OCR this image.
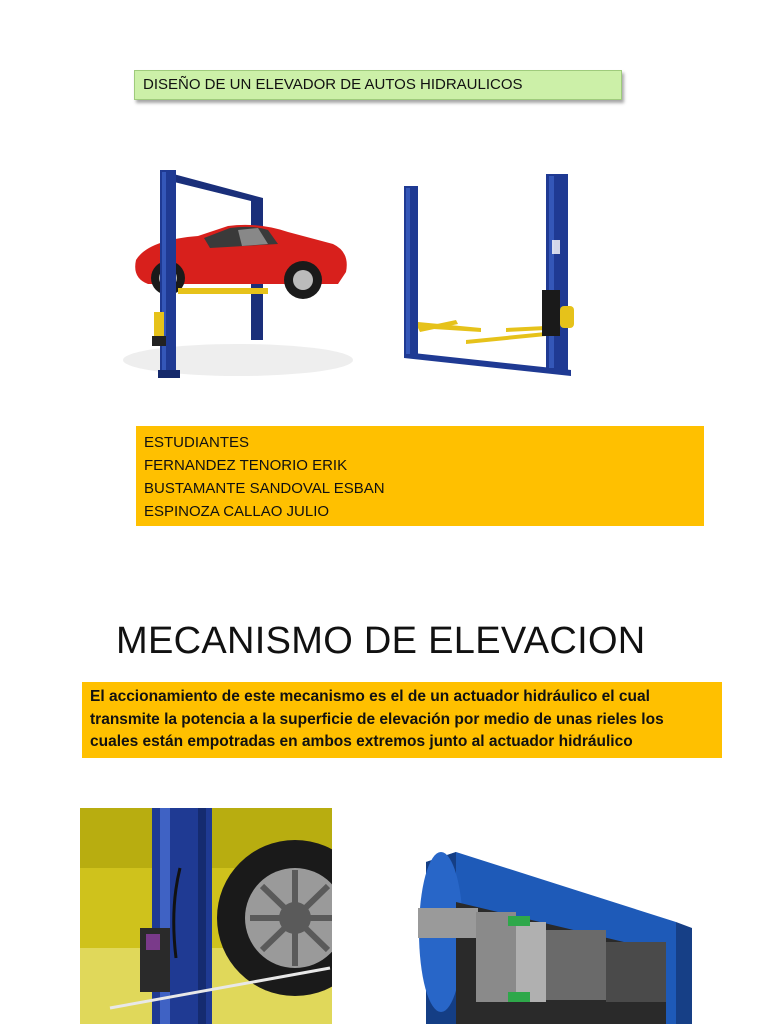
DISEÑO DE UN ELEVADOR DE AUTOS HIDRAULICOS
ESTUDIANTES
FERNANDEZ TENORIO ERIK
BUSTAMANTE SANDOVAL ESBAN
ESPINOZA CALLAO JULIO
MECANISMO DE ELEVACION
El accionamiento de este mecanismo es el de un actuador hidráulico el cual
transmite la potencia a la superficie de elevación por medio de unas rieles los
cuales están empotradas en ambos extremos junto al actuador hidráulico
